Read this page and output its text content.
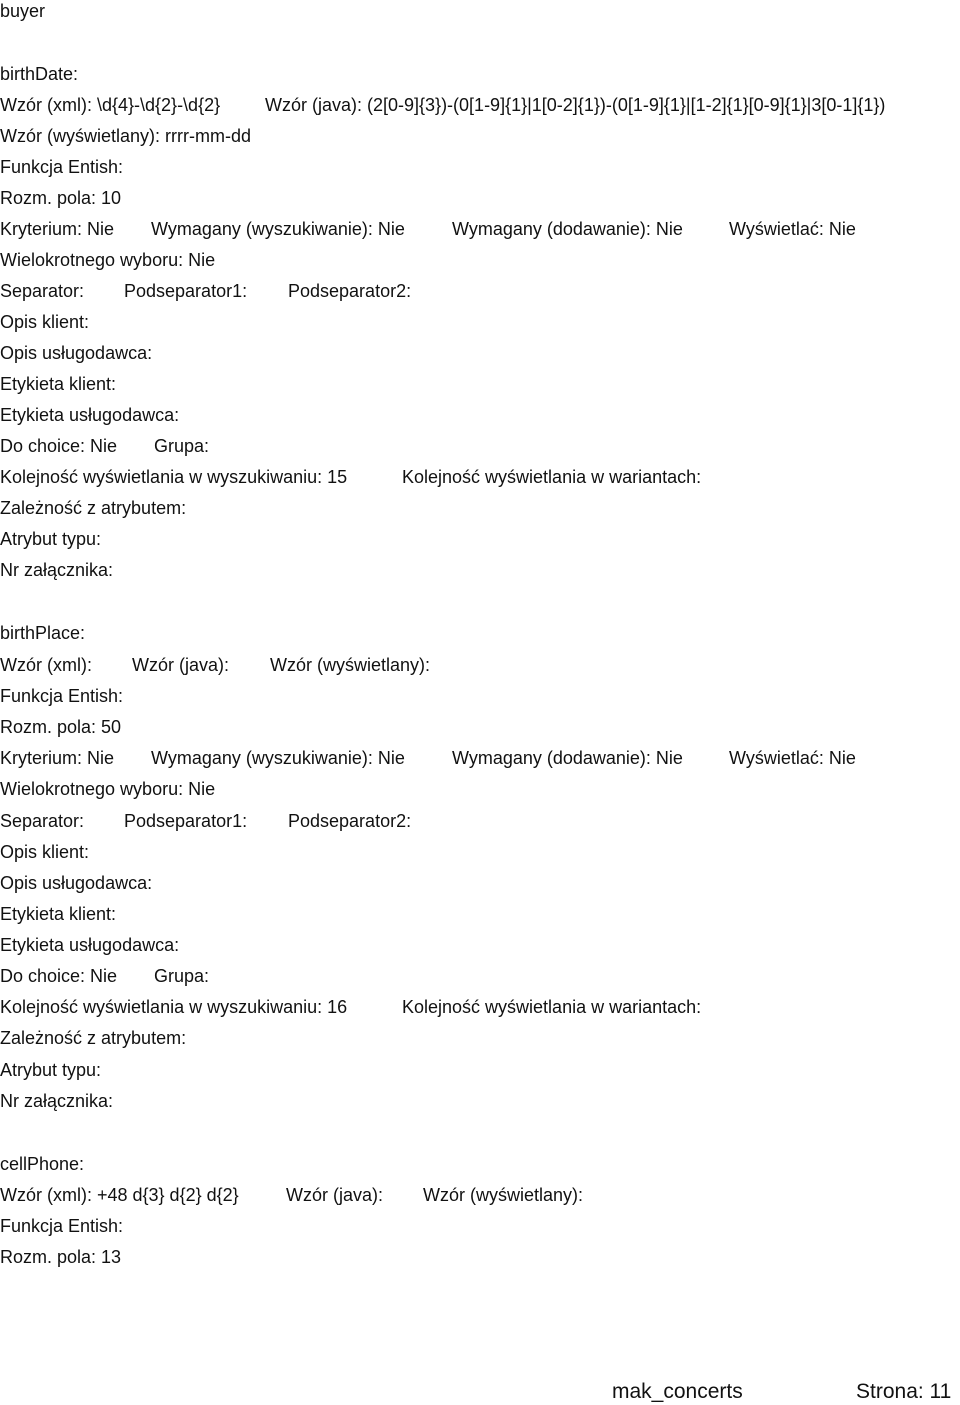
buyer
birthDate:
Wzór (xml): \d{4}-\d{2}-\d{2} Wzór (java): (2[0-9]{3})-(0[1-9]{1}|1[0-2]{1})-(0[1-9]{1}|[1-2]{1}[0-9]{1}|3[0-1]{1})
Wzór (wyświetlany): rrrr-mm-dd
Funkcja Entish:
Rozm. pola: 10
Kryterium: Nie Wymagany (wyszukiwanie): Nie	Wymagany (dodawanie): Nie	Wyświetlać: Nie
Wielokrotnego wyboru: Nie
Separator: Podseparator1: Podseparator2:
Opis klient:
Opis usługodawca:
Etykieta klient:
Etykieta usługodawca:
Do choice: Nie Grupa:
Kolejność wyświetlania w wyszukiwaniu: 15	Kolejność wyświetlania w wariantach:
Zależność z atrybutem:
Atrybut typu:
Nr załącznika:
birthPlace:
Wzór (xml): Wzór (java): Wzór (wyświetlany):
Funkcja Entish:
Rozm. pola: 50
Kryterium: Nie Wymagany (wyszukiwanie): Nie	Wymagany (dodawanie): Nie	Wyświetlać: Nie
Wielokrotnego wyboru: Nie
Separator: Podseparator1: Podseparator2:
Opis klient:
Opis usługodawca:
Etykieta klient:
Etykieta usługodawca:
Do choice: Nie Grupa:
Kolejność wyświetlania w wyszukiwaniu: 16	Kolejność wyświetlania w wariantach:
Zależność z atrybutem:
Atrybut typu:
Nr załącznika:
cellPhone:
Wzór (xml): +48 d{3} d{2} d{2}	Wzór (java): Wzór (wyświetlany):
Funkcja Entish:
Rozm. pola: 13
mak_concerts	Strona: 11
